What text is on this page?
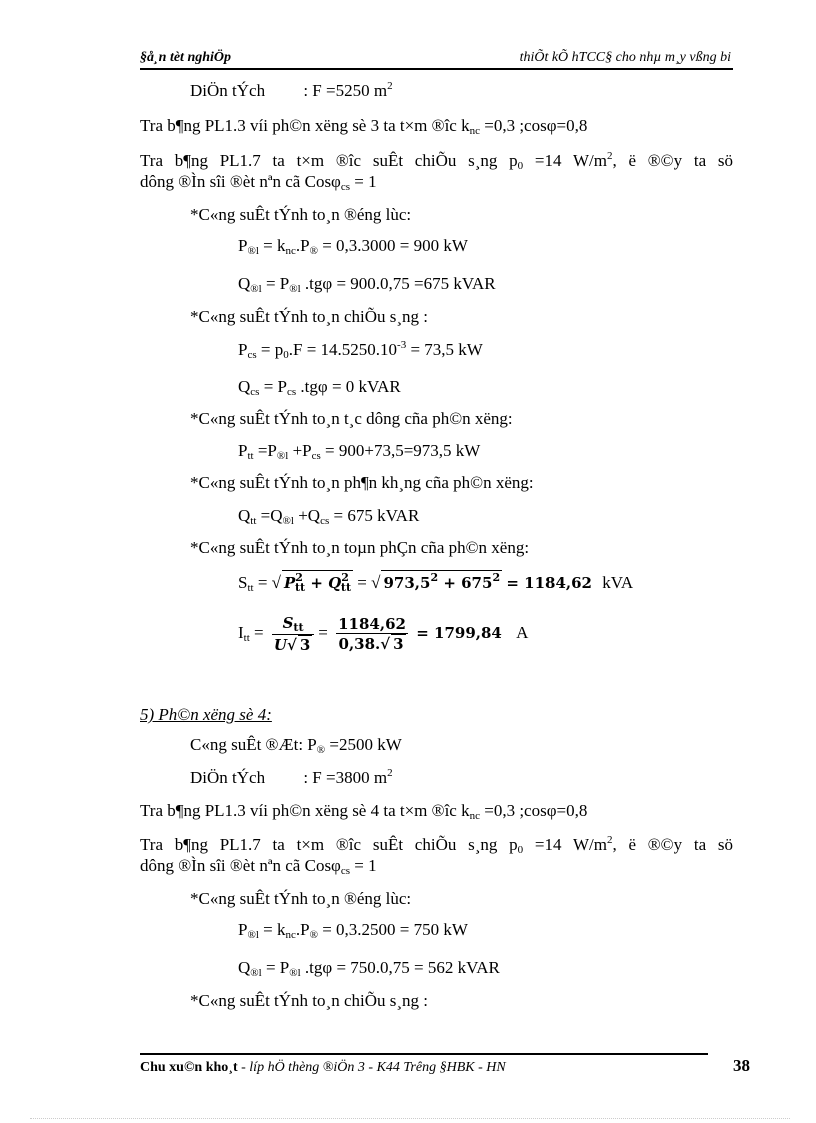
§å¸n tèt nghiÖp	thiÕt kÕ hTCC§ cho nhµ m¸y vßng bi
DiÖn tÝch : F =5250 $m^2$
Tra b¶ng PL1.3 víi ph©n xëng sè 3 ta t×m ®îc $k_{nc} =0,3$ ;cosφ=0,8
Tra b¶ng PL1.7 ta t×m ®îc suÊt chiÕu s¸ng $p_0 =14$ $W/m^2$, ë ®©y ta sö
dông ®Ìn sîi ®èt nªn cã Cosφ$_{cs}$ = 1
*C«ng suÊt tÝnh to¸n ®éng lùc:
$P_{®l} = k_{nc}.P_® = 0,3.3000 = 900$ kW
$Q_{®l} = P_{®l}$ .tgφ = 900.0,75 =675 kVAR
*C«ng suÊt tÝnh to¸n chiÕu s¸ng :
$P_{cs} = p_0.F = 14.5250.10^{-3} = 73,5$ kW
$Q_{cs} = P_{cs}$ .tgφ = 0 kVAR
*C«ng suÊt tÝnh to¸n t¸c dông cña ph©n xëng:
$P_{tt} =P_{®l} +P_{cs} = 900+73,5=973,5$ kW
*C«ng suÊt tÝnh to¸n ph¶n kh¸ng cña ph©n xëng:
$Q_{tt} =Q_{®l} +Q_{cs} = 675$ kVAR
*C«ng suÊt tÝnh to¸n toµn phÇn cña ph©n xëng:
$S_{tt}$ = √ $P^2_{tt} + Q^2_{tt}$ = √ $973,5^2 + 675^2 = 1184,62$ kVA
$I_{tt} = \frac{S_{tt}}{U√ 3} = \frac{1184,62}{0,38.√ 3} = 1799,84$ A
5) Ph©n xëng sè 4:
C«ng suÊt ®Æt: $P_® =2500$ kW
DiÖn tÝch : F =3800 $m^2$
Tra b¶ng PL1.3 víi ph©n xëng sè 4 ta t×m ®îc $k_{nc} =0,3$ ;cosφ=0,8
Tra b¶ng PL1.7 ta t×m ®îc suÊt chiÕu s¸ng $p_0 =14$ $W/m^2$, ë ®©y ta sö
dông ®Ìn sîi ®èt nªn cã Cosφ$_{cs}$ = 1
*C«ng suÊt tÝnh to¸n ®éng lùc:
$P_{®l} = k_{nc}.P_® = 0,3.2500 = 750$ kW
$Q_{®l} = P_{®l}$ .tgφ = 750.0,75 = 562 kVAR
*C«ng suÊt tÝnh to¸n chiÕu s¸ng :
Chu xu©n kho¸t - líp hÖ thèng ®iÖn 3 - K44 Trêng §HBK - HN	38
